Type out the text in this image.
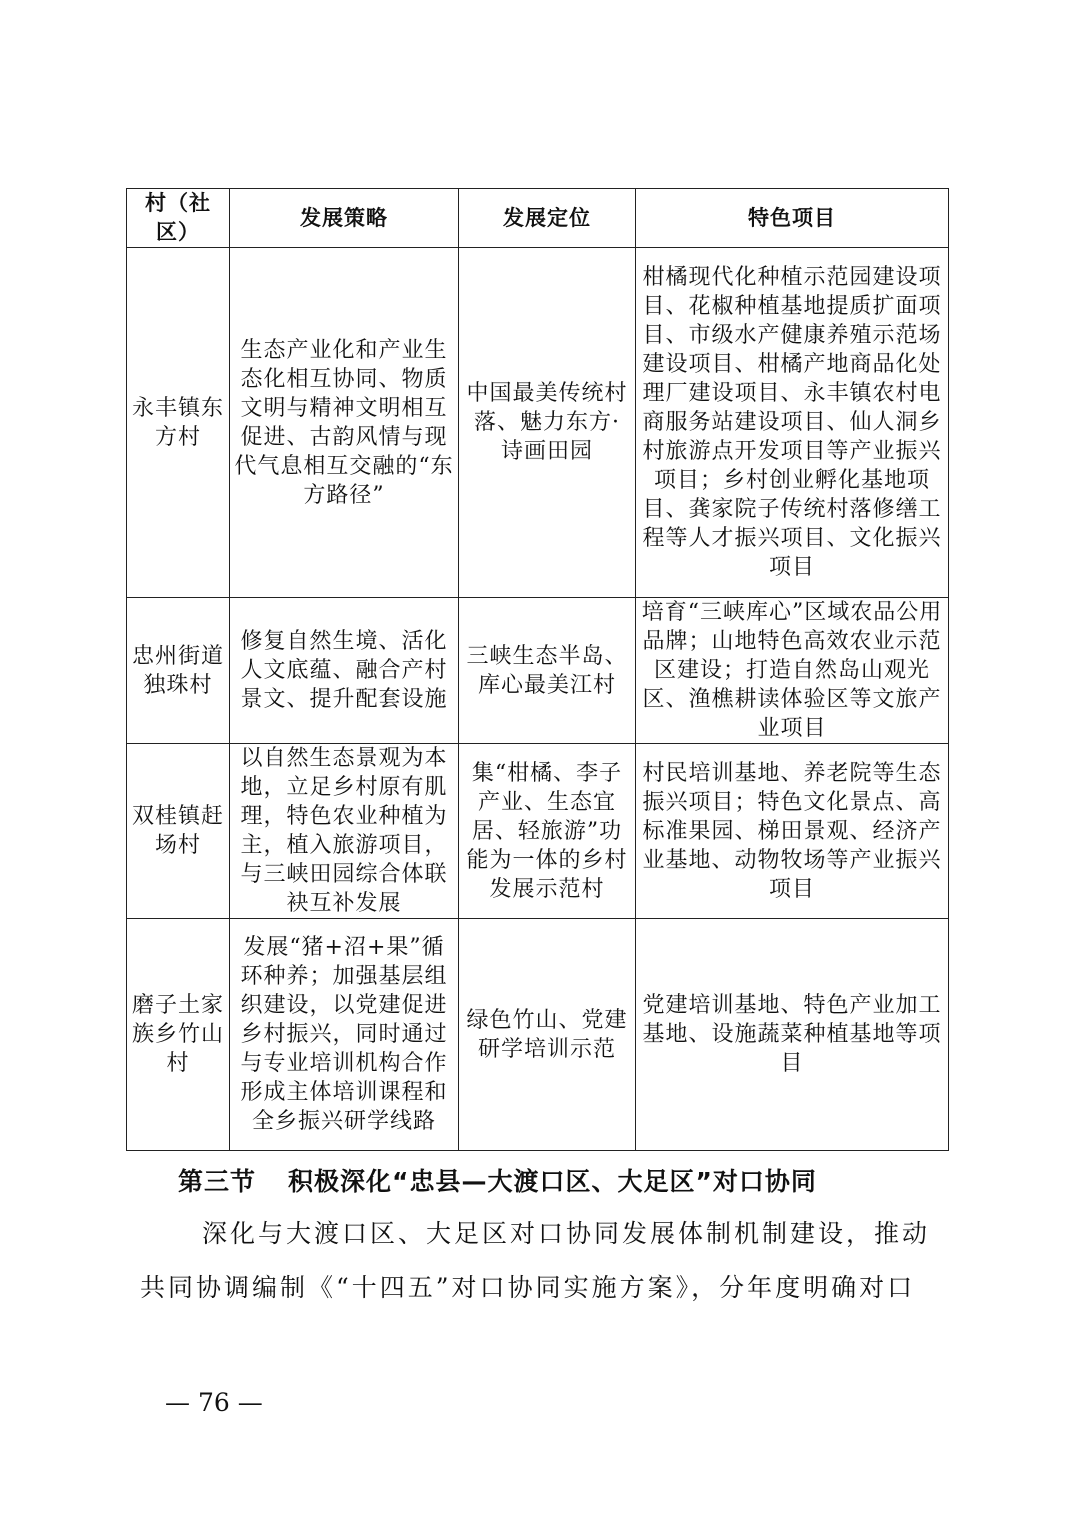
村（社区）	发展策略	发展定位	特色项目
永丰镇东方村	生态产业化和产业生态化相互协同、物质文明与精神文明相互促进、古韵风情与现代气息相互交融的“东方路径”	中国最美传统村落、魅力东方·诗画田园	柑橘现代化种植示范园建设项目、花椒种植基地提质扩面项目、市级水产健康养殖示范场建设项目、柑橘产地商品化处理厂建设项目、永丰镇农村电商服务站建设项目、仙人洞乡村旅游点开发项目等产业振兴项目；乡村创业孵化基地项目、龚家院子传统村落修缮工程等人才振兴项目、文化振兴项目
忠州街道独珠村	修复自然生境、活化人文底蕴、融合产村景文、提升配套设施	三峡生态半岛、库心最美江村	培育“三峡库心”区域农品公用品牌；山地特色高效农业示范区建设；打造自然岛山观光区、渔樵耕读体验区等文旅产业项目
双桂镇赶场村	以自然生态景观为本地，立足乡村原有肌理，特色农业种植为主，植入旅游项目，与三峡田园综合体联袂互补发展	集“柑橘、李子产业、生态宜居、轻旅游”功能为一体的乡村发展示范村	村民培训基地、养老院等生态振兴项目；特色文化景点、高标准果园、梯田景观、经济产业基地、动物牧场等产业振兴项目
磨子土家族乡竹山村	发展“猪+沼+果”循环种养；加强基层组织建设，以党建促进乡村振兴，同时通过与专业培训机构合作形成主体培训课程和全乡振兴研学线路	绿色竹山、党建研学培训示范	党建培训基地、特色产业加工基地、设施蔬菜种植基地等项目
第三节 积极深化“忠县—大渡口区、大足区”对口协同
深化与大渡口区、大足区对口协同发展体制机制建设，推动
共同协调编制《“十四五”对口协同实施方案》，分年度明确对口
— 76 —
